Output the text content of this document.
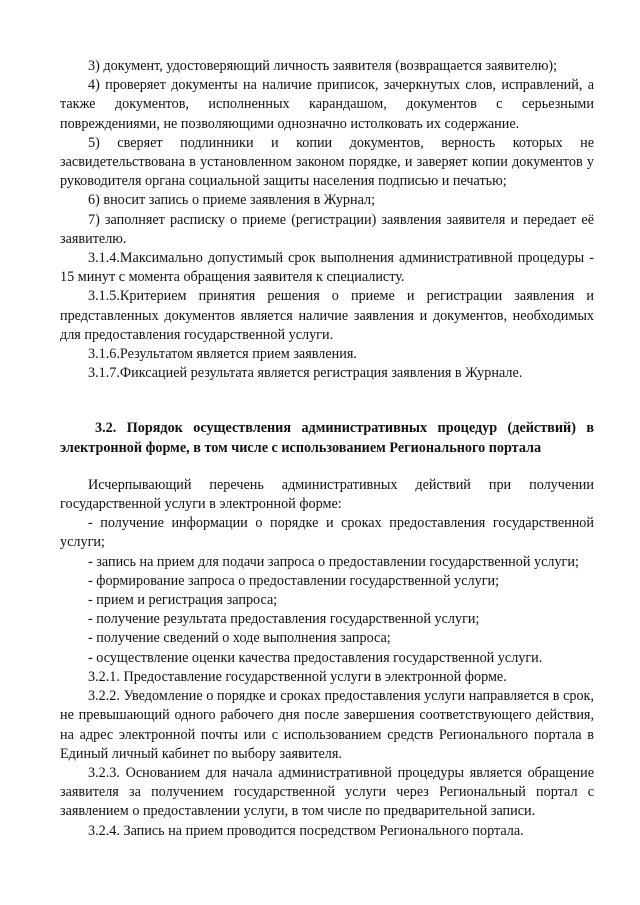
3) документ, удостоверяющий личность заявителя (возвращается заявителю);

4) проверяет документы на наличие приписок, зачеркнутых слов, исправлений, а также документов, исполненных карандашом, документов с серьезными повреждениями, не позволяющими однозначно истолковать их содержание.

5) сверяет подлинники и копии документов, верность которых не засвидетельствована в установленном законом порядке, и заверяет копии документов у руководителя органа социальной защиты населения подписью и печатью;

6) вносит запись о приеме заявления в Журнал;

7) заполняет расписку о приеме (регистрации) заявления заявителя и передает её заявителю.

3.1.4.Максимально допустимый срок выполнения административной процедуры - 15 минут с момента обращения заявителя к специалисту.

3.1.5.Критерием принятия решения о приеме и регистрации заявления и представленных документов является наличие заявления и документов, необходимых для предоставления государственной услуги.

3.1.6.Результатом является прием заявления.

3.1.7.Фиксацией результата является регистрация заявления в Журнале.

3.2. Порядок осуществления административных процедур (действий) в электронной форме, в том числе с использованием Регионального портала

Исчерпывающий перечень административных действий при получении государственной услуги в электронной форме:

- получение информации о порядке и сроках предоставления государственной услуги;

- запись на прием для подачи запроса о предоставлении государственной услуги;

- формирование запроса о предоставлении государственной услуги;

- прием и регистрация запроса;

- получение результата предоставления государственной услуги;

- получение сведений о ходе выполнения запроса;

- осуществление оценки качества предоставления государственной услуги.

3.2.1. Предоставление государственной услуги в электронной форме.

3.2.2. Уведомление о порядке и сроках предоставления услуги направляется в срок, не превышающий одного рабочего дня после завершения соответствующего действия, на адрес электронной почты или с использованием средств Регионального портала в Единый личный кабинет по выбору заявителя.

3.2.3. Основанием для начала административной процедуры является обращение заявителя за получением государственной услуги через Региональный портал с заявлением о предоставлении услуги, в том числе по предварительной записи.

3.2.4. Запись на прием проводится посредством Регионального портала.
